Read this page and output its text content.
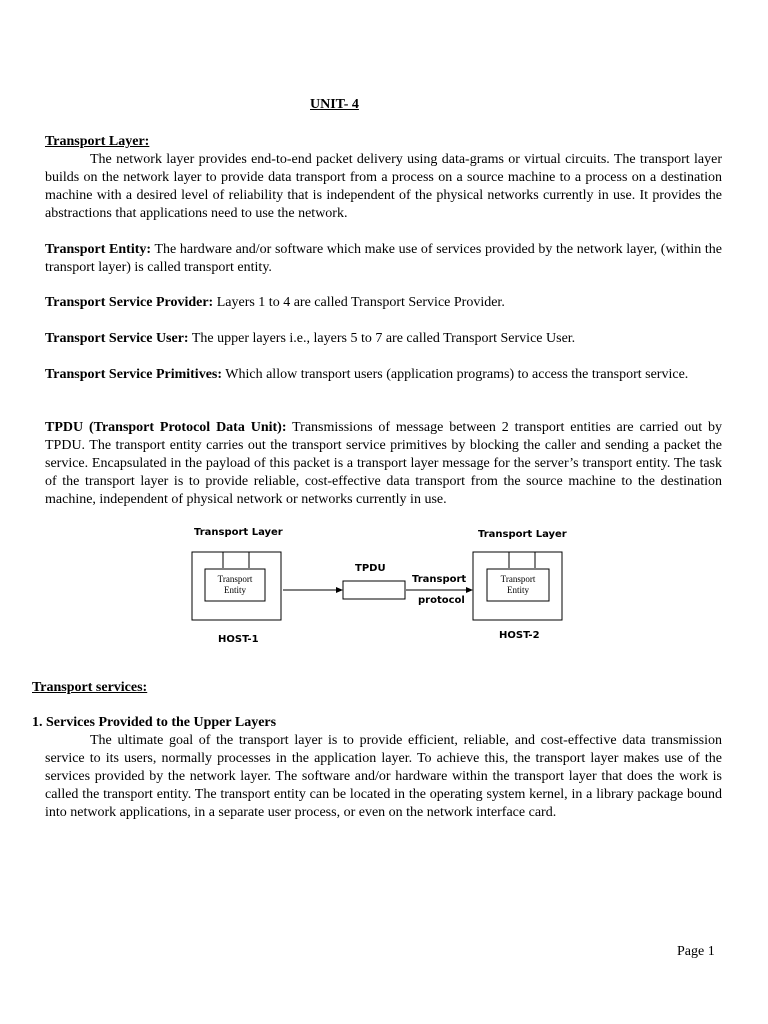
UNIT- 4

Transport Layer:

The network layer provides end-to-end packet delivery using data-grams or virtual circuits. The transport layer builds on the network layer to provide data transport from a process on a source machine to a process on a destination machine with a desired level of reliability that is independent of the physical networks currently in use. It provides the abstractions that applications need to use the network.

Transport Entity: The hardware and/or software which make use of services provided by the network layer, (within the transport layer) is called transport entity.

Transport Service Provider: Layers 1 to 4 are called Transport Service Provider.

Transport Service User: The upper layers i.e., layers 5 to 7 are called Transport Service User.

Transport Service Primitives: Which allow transport users (application programs) to access the transport service.

TPDU (Transport Protocol Data Unit): Transmissions of message between 2 transport entities are carried out by TPDU. The transport entity carries out the transport service primitives by blocking the caller and sending a packet the service. Encapsulated in the payload of this packet is a transport layer message for the server’s transport entity. The task of the transport layer is to provide reliable, cost-effective data transport from the source machine to the destination machine, independent of physical network or networks currently in use.

Transport Layer	Transport Layer
Transport
Entity
Transport
Entity
TPDU
Transport
protocol
HOST-1	HOST-2

Transport services:

1. Services Provided to the Upper Layers

The ultimate goal of the transport layer is to provide efficient, reliable, and cost-effective data transmission service to its users, normally processes in the application layer. To achieve this, the transport layer makes use of the services provided by the network layer. The software and/or hardware within the transport layer that does the work is called the transport entity. The transport entity can be located in the operating system kernel, in a library package bound into network applications, in a separate user process, or even on the network interface card.

Page 1
